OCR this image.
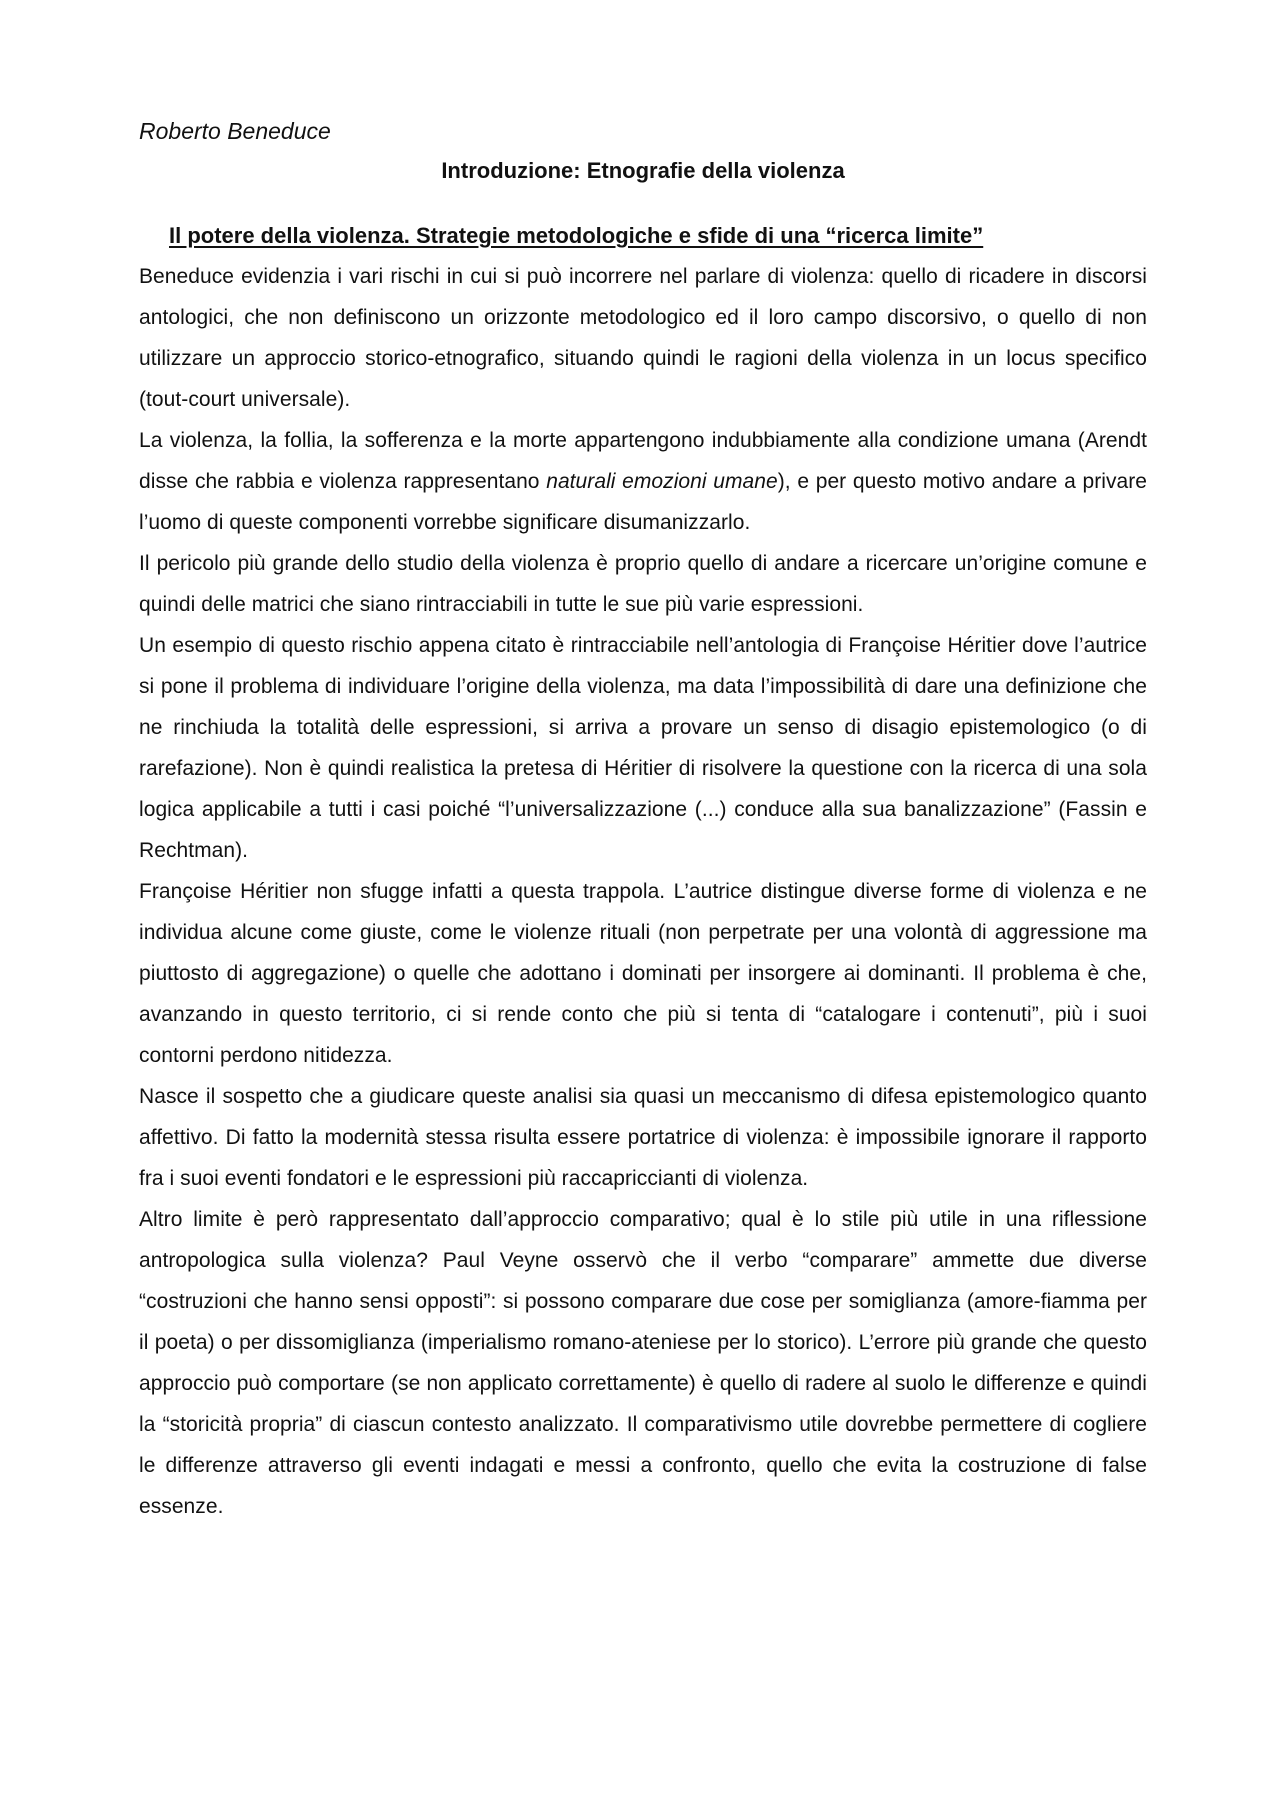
Roberto Beneduce
Introduzione: Etnografie della violenza
Il potere della violenza. Strategie metodologiche e sfide di una “ricerca limite”

Beneduce evidenzia i vari rischi in cui si può incorrere nel parlare di violenza: quello di ricadere in discorsi antologici, che non definiscono un orizzonte metodologico ed il loro campo discorsivo, o quello di non utilizzare un approccio storico-etnografico, situando quindi le ragioni della violenza in un locus specifico (tout-court universale).

La violenza, la follia, la sofferenza e la morte appartengono indubbiamente alla condizione umana (Arendt disse che rabbia e violenza rappresentano naturali emozioni umane), e per questo motivo andare a privare l’uomo di queste componenti vorrebbe significare disumanizzarlo.

Il pericolo più grande dello studio della violenza è proprio quello di andare a ricercare un’origine comune e quindi delle matrici che siano rintracciabili in tutte le sue più varie espressioni.

Un esempio di questo rischio appena citato è rintracciabile nell’antologia di Françoise Héritier dove l’autrice si pone il problema di individuare l’origine della violenza, ma data l’impossibilità di dare una definizione che ne rinchiuda la totalità delle espressioni, si arriva a provare un senso di disagio epistemologico (o di rarefazione). Non è quindi realistica la pretesa di Héritier di risolvere la questione con la ricerca di una sola logica applicabile a tutti i casi poiché “l’universalizzazione (...) conduce alla sua banalizzazione” (Fassin e Rechtman).

Françoise Héritier non sfugge infatti a questa trappola. L’autrice distingue diverse forme di violenza e ne individua alcune come giuste, come le violenze rituali (non perpetrate per una volontà di aggressione ma piuttosto di aggregazione) o quelle che adottano i dominati per insorgere ai dominanti. Il problema è che, avanzando in questo territorio, ci si rende conto che più si tenta di “catalogare i contenuti”, più i suoi contorni perdono nitidezza.

Nasce il sospetto che a giudicare queste analisi sia quasi un meccanismo di difesa epistemologico quanto affettivo. Di fatto la modernità stessa risulta essere portatrice di violenza: è impossibile ignorare il rapporto fra i suoi eventi fondatori e le espressioni più raccapriccianti di violenza.

Altro limite è però rappresentato dall’approccio comparativo; qual è lo stile più utile in una riflessione antropologica sulla violenza? Paul Veyne osservò che il verbo “comparare” ammette due diverse “costruzioni che hanno sensi opposti”: si possono comparare due cose per somiglianza (amore-fiamma per il poeta) o per dissomiglianza (imperialismo romano-ateniese per lo storico). L’errore più grande che questo approccio può comportare (se non applicato correttamente) è quello di radere al suolo le differenze e quindi la “storicità propria” di ciascun contesto analizzato. Il comparativismo utile dovrebbe permettere di cogliere le differenze attraverso gli eventi indagati e messi a confronto, quello che evita la costruzione di false essenze.
